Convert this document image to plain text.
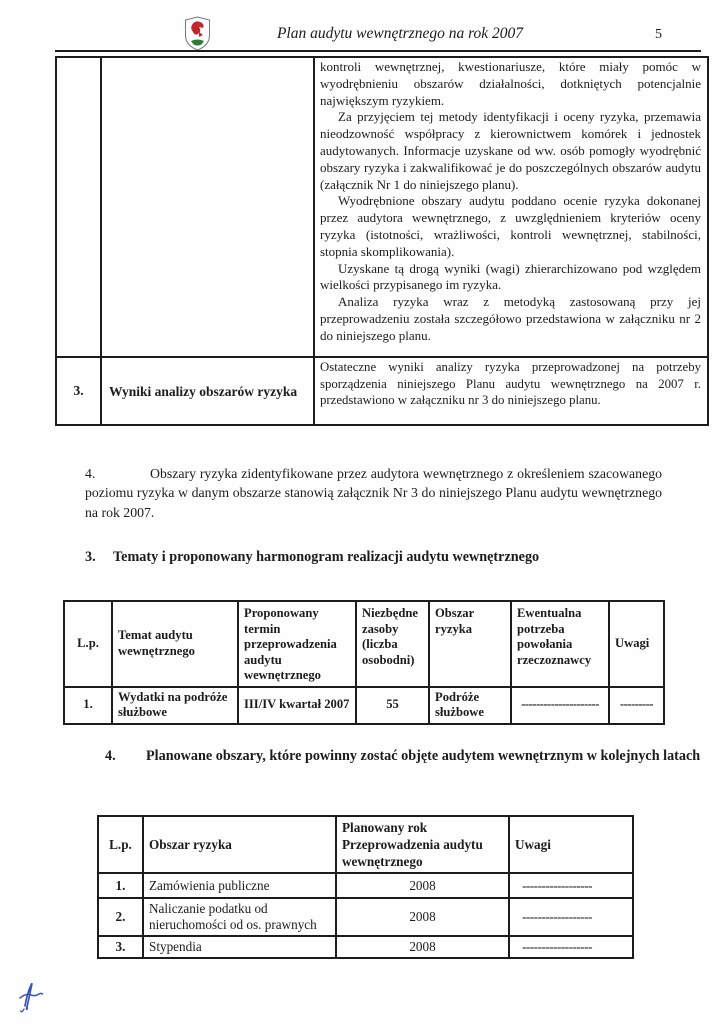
Plan audytu wewnętrznego na rok 2007	5

		kontroli wewnętrznej, kwestionariusze, które miały pomóc w wyodrębnieniu obszarów działalności, dotkniętych potencjalnie największym ryzykiem.

Za przyjęciem tej metody identyfikacji i oceny ryzyka, przemawia nieodzowność współpracy z kierownictwem komórek i jednostek audytowanych. Informacje uzyskane od ww. osób pomogły wyodrębnić obszary ryzyka i zakwalifikować je do poszczególnych obszarów audytu (załącznik Nr 1 do niniejszego planu).

Wyodrębnione obszary audytu poddano ocenie ryzyka dokonanej przez audytora wewnętrznego, z uwzględnieniem kryteriów oceny ryzyka (istotności, wrażliwości, kontroli wewnętrznej, stabilności, stopnia skomplikowania).

Uzyskane tą drogą wyniki (wagi) zhierarchizowano pod względem wielkości przypisanego im ryzyka.

Analiza ryzyka wraz z metodyką zastosowaną przy jej przeprowadzeniu została szczegółowo przedstawiona w załączniku nr 2 do niniejszego planu.

3.	Wyniki analizy obszarów ryzyka	Ostateczne wyniki analizy ryzyka przeprowadzonej na potrzeby sporządzenia niniejszego Planu audytu wewnętrznego na 2007 r. przedstawiono w załączniku nr 3 do niniejszego planu.
4.	Obszary ryzyka zidentyfikowane przez audytora wewnętrznego z określeniem szacowanego poziomu ryzyka w danym obszarze stanowią załącznik Nr 3 do niniejszego Planu audytu wewnętrznego na rok 2007.
3. Tematy i proponowany harmonogram realizacji audytu wewnętrznego
L.p.	Temat audytu wewnętrznego	Proponowany termin przeprowadzenia audytu wewnętrznego	Niezbędne zasoby (liczba osobodni)	Obszar ryzyka	Ewentualna potrzeba powołania rzeczoznawcy	Uwagi
1.	Wydatki na podróże służbowe	III/IV kwartał 2007	55	Podróże służbowe	---------------------	---------
4. Planowane obszary, które powinny zostać objęte audytem wewnętrznym w kolejnych latach
L.p.	Obszar ryzyka	Planowany rok Przeprowadzenia audytu wewnętrznego	Uwagi
1.	Zamówienia publiczne	2008	------------------
2.	Naliczanie podatku od nieruchomości od os. prawnych	2008	------------------
3.	Stypendia	2008	------------------
